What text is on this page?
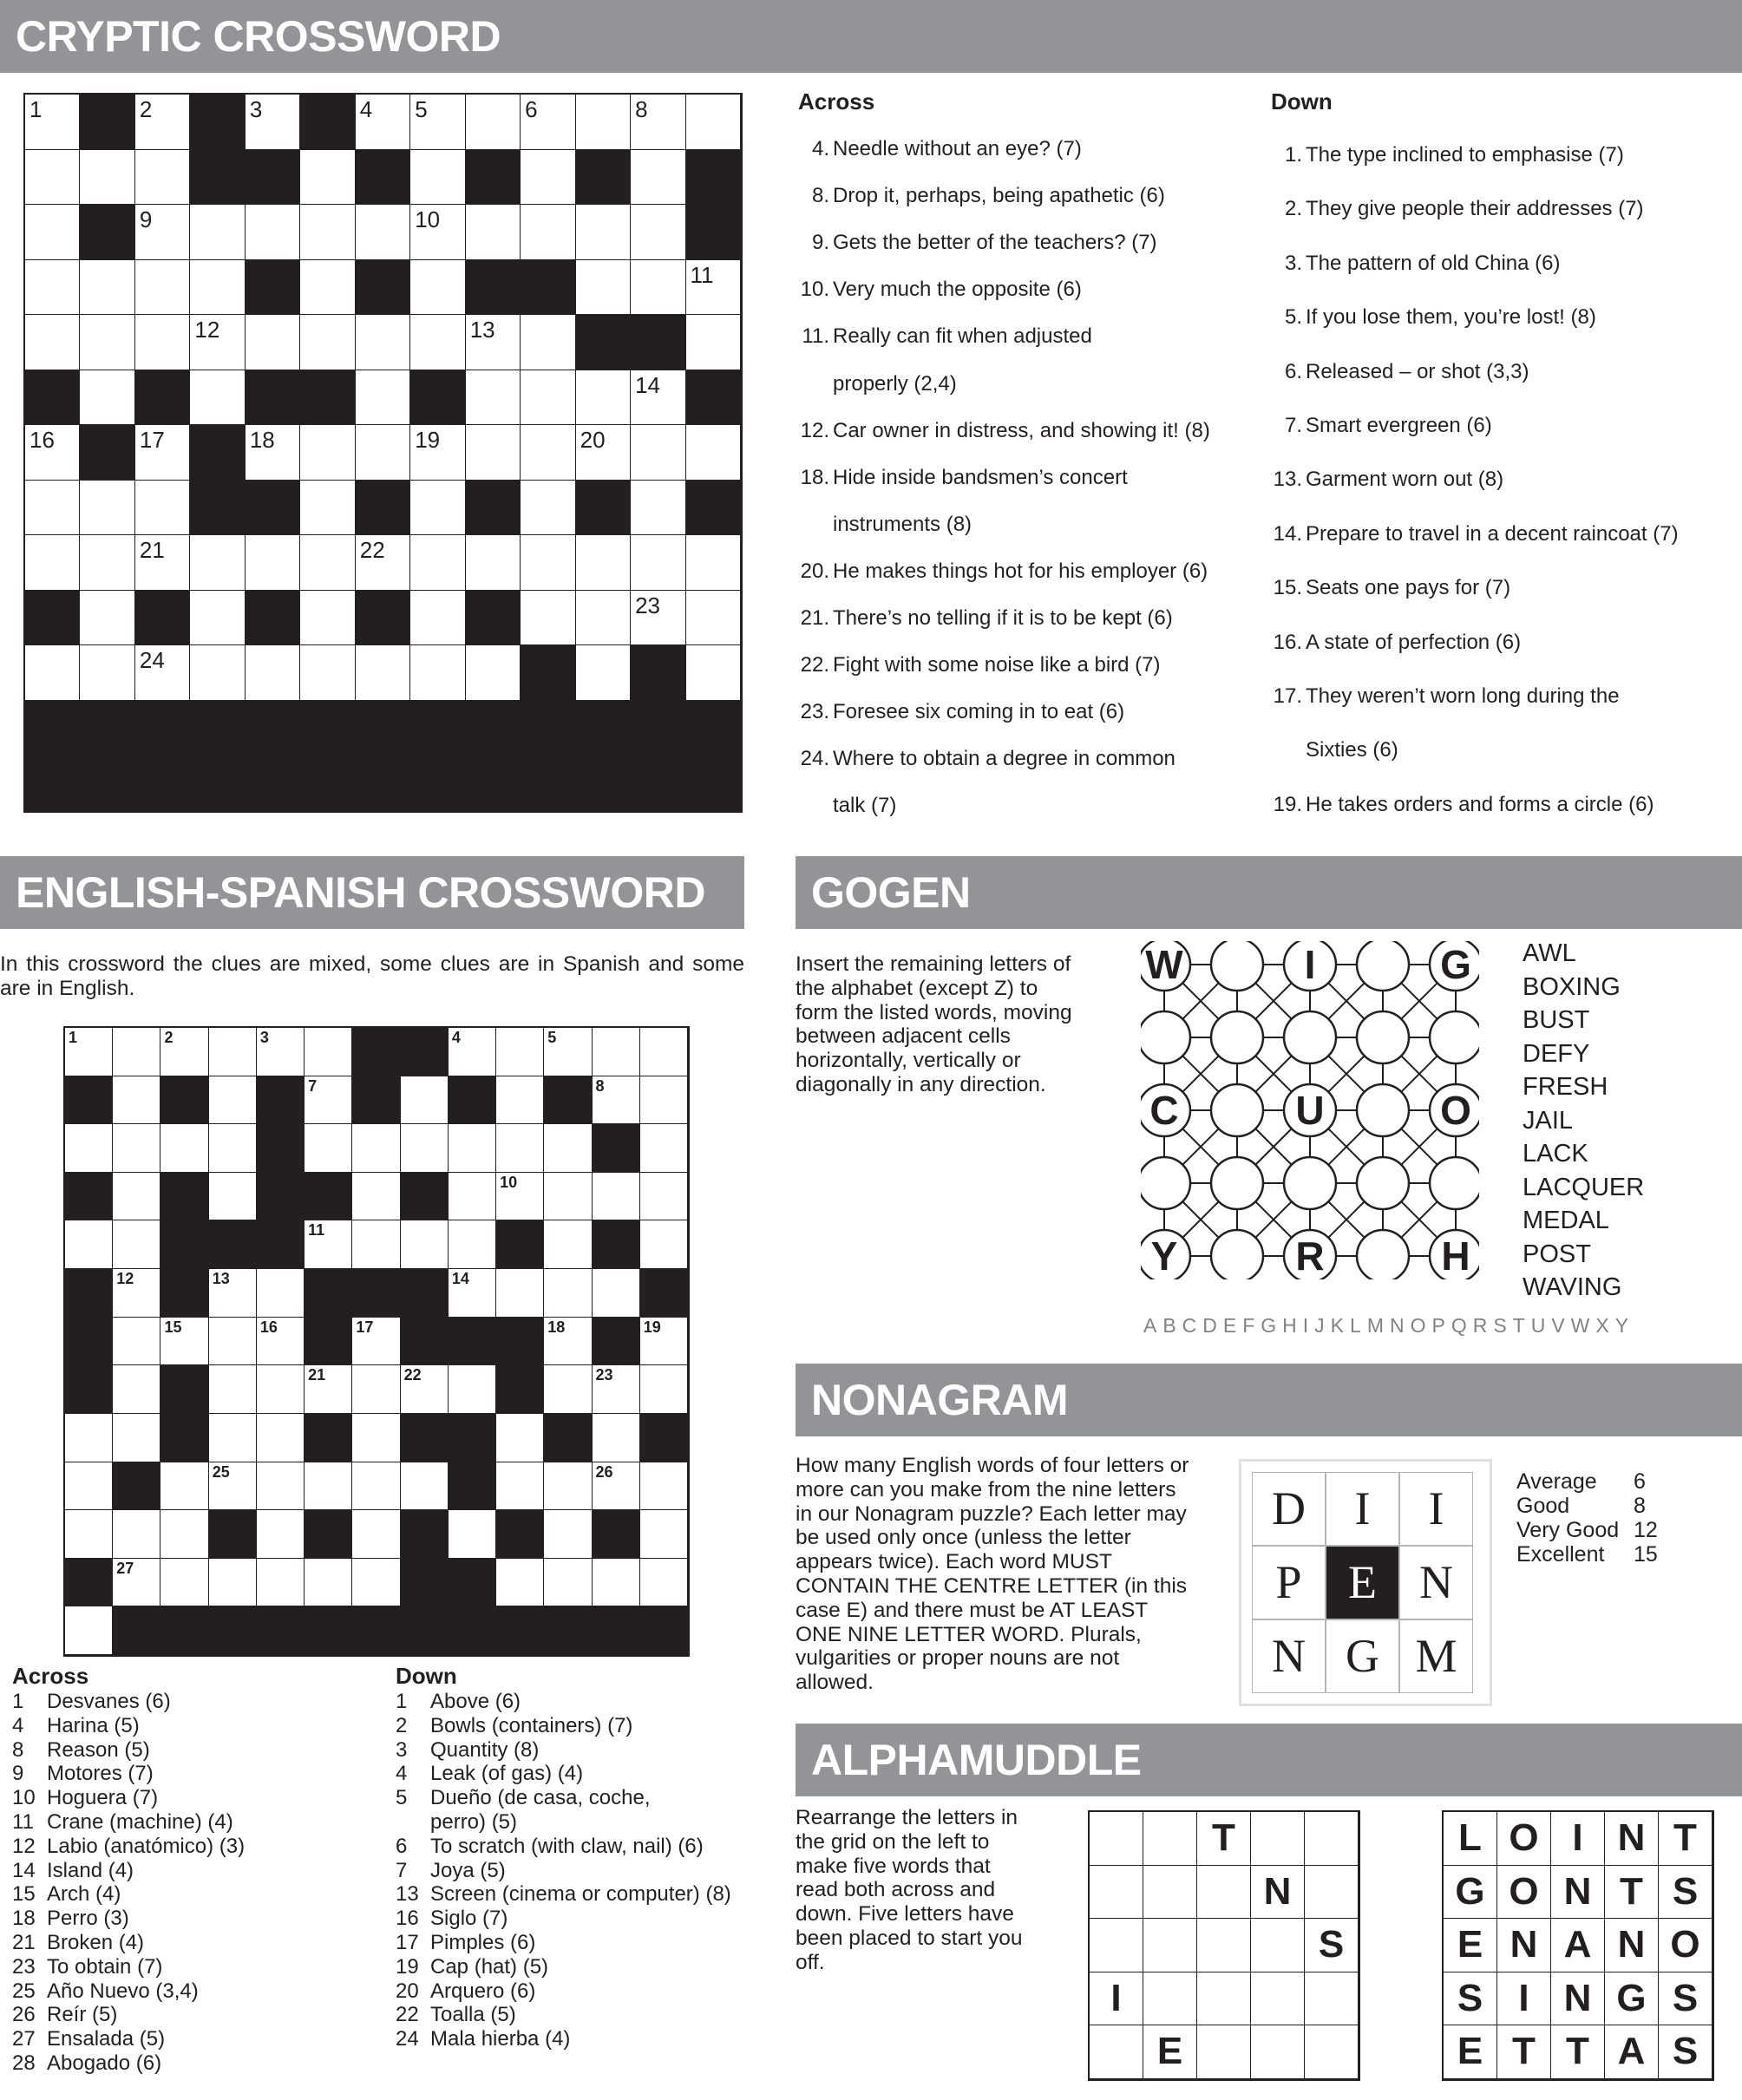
CRYPTIC CROSSWORD
1	2	3	4 5	6	8
9	10
11
12	13
14
16	17	18	19	20
21	22
23
24
Across
4. Needle without an eye? (7)
8. Drop it, perhaps, being apathetic (6)
9. Gets the better of the teachers? (7)
10. Very much the opposite (6)
11. Really can fit when adjusted
properly (2,4)
12. Car owner in distress, and showing it! (8)
18. Hide inside bandsmen’s concert
instruments (8)
20. He makes things hot for his employer (6)
21. There’s no telling if it is to be kept (6)
22. Fight with some noise like a bird (7)
23. Foresee six coming in to eat (6)
24. Where to obtain a degree in common
talk (7)
Down
1. The type inclined to emphasise (7)
2. They give people their addresses (7)
3. The pattern of old China (6)
5. If you lose them, you’re lost! (8)
6. Released – or shot (3,3)
7. Smart evergreen (6)
13. Garment worn out (8)
14. Prepare to travel in a decent raincoat (7)
15. Seats one pays for (7)
16. A state of perfection (6)
17. They weren’t worn long during the
Sixties (6)
19. He takes orders and forms a circle (6)
ENGLISH-SPANISH CROSSWORD
In this crossword the clues are mixed, some clues are in Spanish and some are in English.
1	2	3	4	5
7	8
9
10
11
12	13	14
15	16	17	18	19
21	22	23
24
25	26
27	28
Across
1 Desvanes (6)
4 Harina (5)
8 Reason (5)
9 Motores (7)
10 Hoguera (7)
11 Crane (machine) (4)
12 Labio (anatómico) (3)
14 Island (4)
15 Arch (4)
18 Perro (3)
21 Broken (4)
23 To obtain (7)
25 Año Nuevo (3,4)
26 Reír (5)
27 Ensalada (5)
28 Abogado (6)
Down
1 Above (6)
2 Bowls (containers) (7)
3 Quantity (8)
4 Leak (of gas) (4)
5 Dueño (de casa, coche,
perro) (5)
6 To scratch (with claw, nail) (6)
7 Joya (5)
13 Screen (cinema or computer) (8)
16 Siglo (7)
17 Pimples (6)
19 Cap (hat) (5)
20 Arquero (6)
22 Toalla (5)
24 Mala hierba (4)
GOGEN
Insert the remaining letters of the alphabet (except Z) to form the listed words, moving between adjacent cells horizontally, vertically or diagonally in any direction.
W	I	G
C	U	O
Y	R	H
AWL
BOXING
BUST
DEFY
FRESH
JAIL
LACK
LACQUER
MEDAL
POST
WAVING
ABCDEFGHIJKLMNOPQRSTUVWXY
NONAGRAM
How many English words of four letters or more can you make from the nine letters in our Nonagram puzzle? Each letter may be used only once (unless the letter appears twice). Each word MUST CONTAIN THE CENTRE LETTER (in this case E) and there must be AT LEAST ONE NINE LETTER WORD. Plurals, vulgarities or proper nouns are not allowed.
D	I	I
P E N
N G M
Average 6
Good	8
Very Good 12
Excellent 15
ALPHAMUDDLE
Rearrange the letters in the grid on the left to make five words that read both across and down. Five letters have been placed to start you off.
T
N
S
I
E
L O I N T
G O N T S
E N A N O
S I N G S
E T T A S
